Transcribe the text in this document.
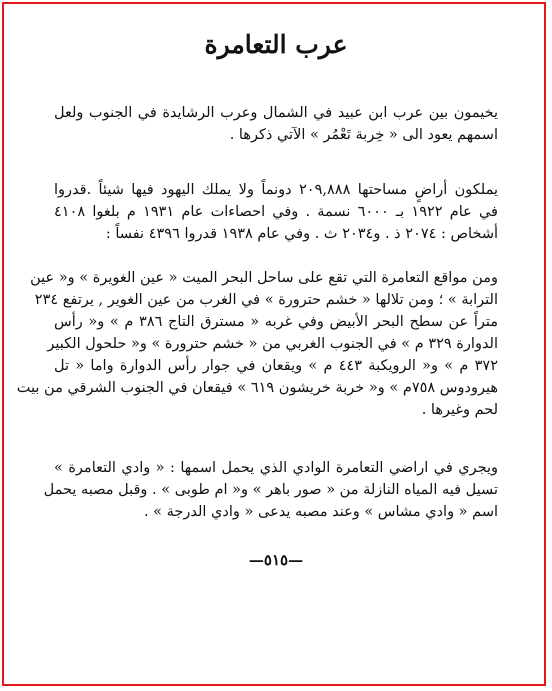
عرب التعامرة
يخيمون بين عرب ابن عبيد في الشمال وعرب الرشايدة في الجنوب ولعل
اسمهم يعود الى « خِربة تَعْمُر » الآتي ذكرها .
يملكون أراضٍ مساحتها ٢٠٩,٨٨٨ دونماً ولا يملك اليهود فيها شيئاً .قدروا
في عام ١٩٢٢ بـ ٦٠٠٠ نسمة . وفي احصاءات عام ١٩٣١ م بلغوا ٤١٠٨
أشخاص : ٢٠٧٤ ذ . و٢٠٣٤ ث . وفي عام ١٩٣٨ قدروا ٤٣٩٦ نفساً :
ومن مواقع التعامرة التي تقع على ساحل البحر الميت « عين الغويرة » و« عين
الترابة » ؛ ومن تلالها « خشم حترورة » في الغرب من عين الغوير , يرتفع ٢٣٤
متراً عن سطح البحر الأبيض وفي غربه « مسترق التاج ٣٨٦ م » و« رأس
الدوارة ٣٢٩ م » في الجنوب الغربي من « خشم حترورة » و« حلحول الكبير
٣٧٢ م » و« الرويكبة ٤٤٣ م » ويقعان في جوار رأس الدوارة واما « تل
هيرودوس ٧٥٨م » و« خربة خريشون ٦١٩ » فيقعان في الجنوب الشرقي من بيت
لحم وغيرها .
ويجري في اراضي التعامرة الوادي الذي يحمل اسمها : « وادي التعامرة »
تسيل فيه المياه النازلة من « صور باهر » و« ام طوبى » . وقبل مصبه يحمل
اسم « وادي مشاس » وعند مصبه يدعى « وادي الدرجة » .
—٥١٥—
